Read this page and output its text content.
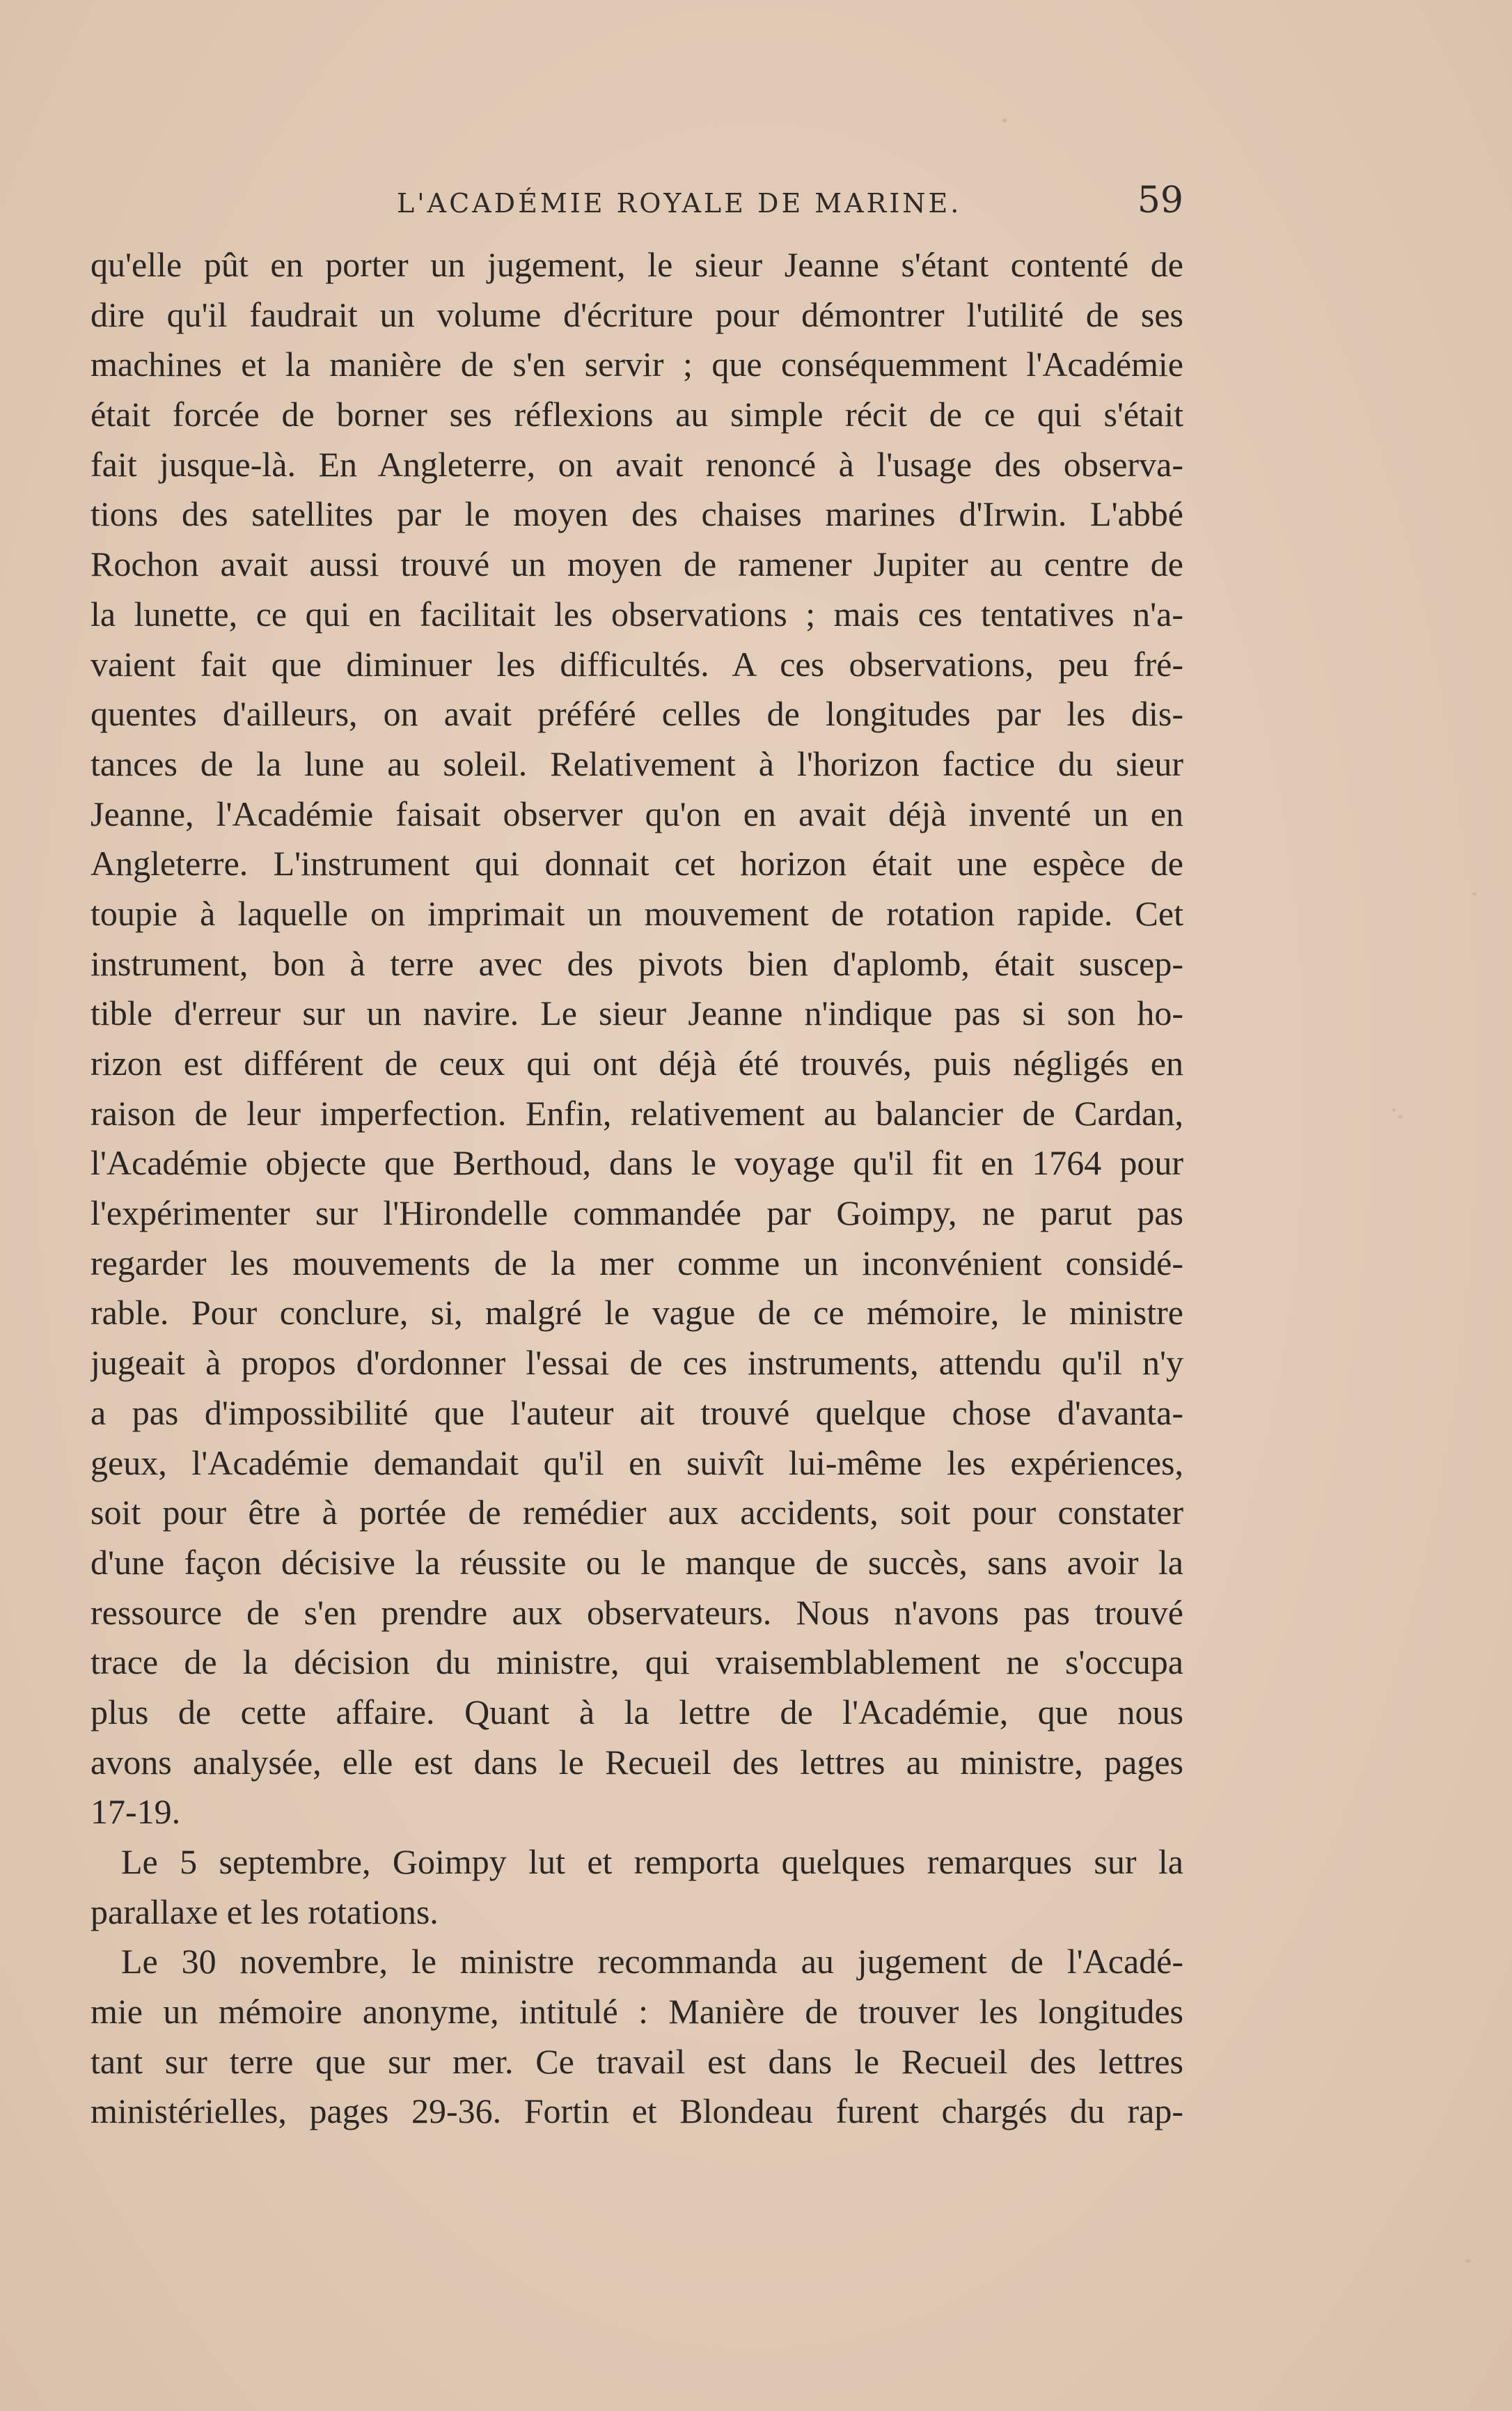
L'ACADÉMIE ROYALE DE MARINE.	59
qu'elle pût en porter un jugement, le sieur Jeanne s'étant contenté de
dire qu'il faudrait un volume d'écriture pour démontrer l'utilité de ses
machines et la manière de s'en servir ; que conséquemment l'Académie
était forcée de borner ses réflexions au simple récit de ce qui s'était
fait jusque-là. En Angleterre, on avait renoncé à l'usage des observa-
tions des satellites par le moyen des chaises marines d'Irwin. L'abbé
Rochon avait aussi trouvé un moyen de ramener Jupiter au centre de
la lunette, ce qui en facilitait les observations ; mais ces tentatives n'a-
vaient fait que diminuer les difficultés. A ces observations, peu fré-
quentes d'ailleurs, on avait préféré celles de longitudes par les dis-
tances de la lune au soleil. Relativement à l'horizon factice du sieur
Jeanne, l'Académie faisait observer qu'on en avait déjà inventé un en
Angleterre. L'instrument qui donnait cet horizon était une espèce de
toupie à laquelle on imprimait un mouvement de rotation rapide. Cet
instrument, bon à terre avec des pivots bien d'aplomb, était suscep-
tible d'erreur sur un navire. Le sieur Jeanne n'indique pas si son ho-
rizon est différent de ceux qui ont déjà été trouvés, puis négligés en
raison de leur imperfection. Enfin, relativement au balancier de Cardan,
l'Académie objecte que Berthoud, dans le voyage qu'il fit en 1764 pour
l'expérimenter sur l'Hirondelle commandée par Goimpy, ne parut pas
regarder les mouvements de la mer comme un inconvénient considé-
rable. Pour conclure, si, malgré le vague de ce mémoire, le ministre
jugeait à propos d'ordonner l'essai de ces instruments, attendu qu'il n'y
a pas d'impossibilité que l'auteur ait trouvé quelque chose d'avanta-
geux, l'Académie demandait qu'il en suivît lui-même les expériences,
soit pour être à portée de remédier aux accidents, soit pour constater
d'une façon décisive la réussite ou le manque de succès, sans avoir la
ressource de s'en prendre aux observateurs. Nous n'avons pas trouvé
trace de la décision du ministre, qui vraisemblablement ne s'occupa
plus de cette affaire. Quant à la lettre de l'Académie, que nous
avons analysée, elle est dans le Recueil des lettres au ministre, pages
17-19.
Le 5 septembre, Goimpy lut et remporta quelques remarques sur la
parallaxe et les rotations.
Le 30 novembre, le ministre recommanda au jugement de l'Acadé-
mie un mémoire anonyme, intitulé : Manière de trouver les longitudes
tant sur terre que sur mer. Ce travail est dans le Recueil des lettres
ministérielles, pages 29-36. Fortin et Blondeau furent chargés du rap-
